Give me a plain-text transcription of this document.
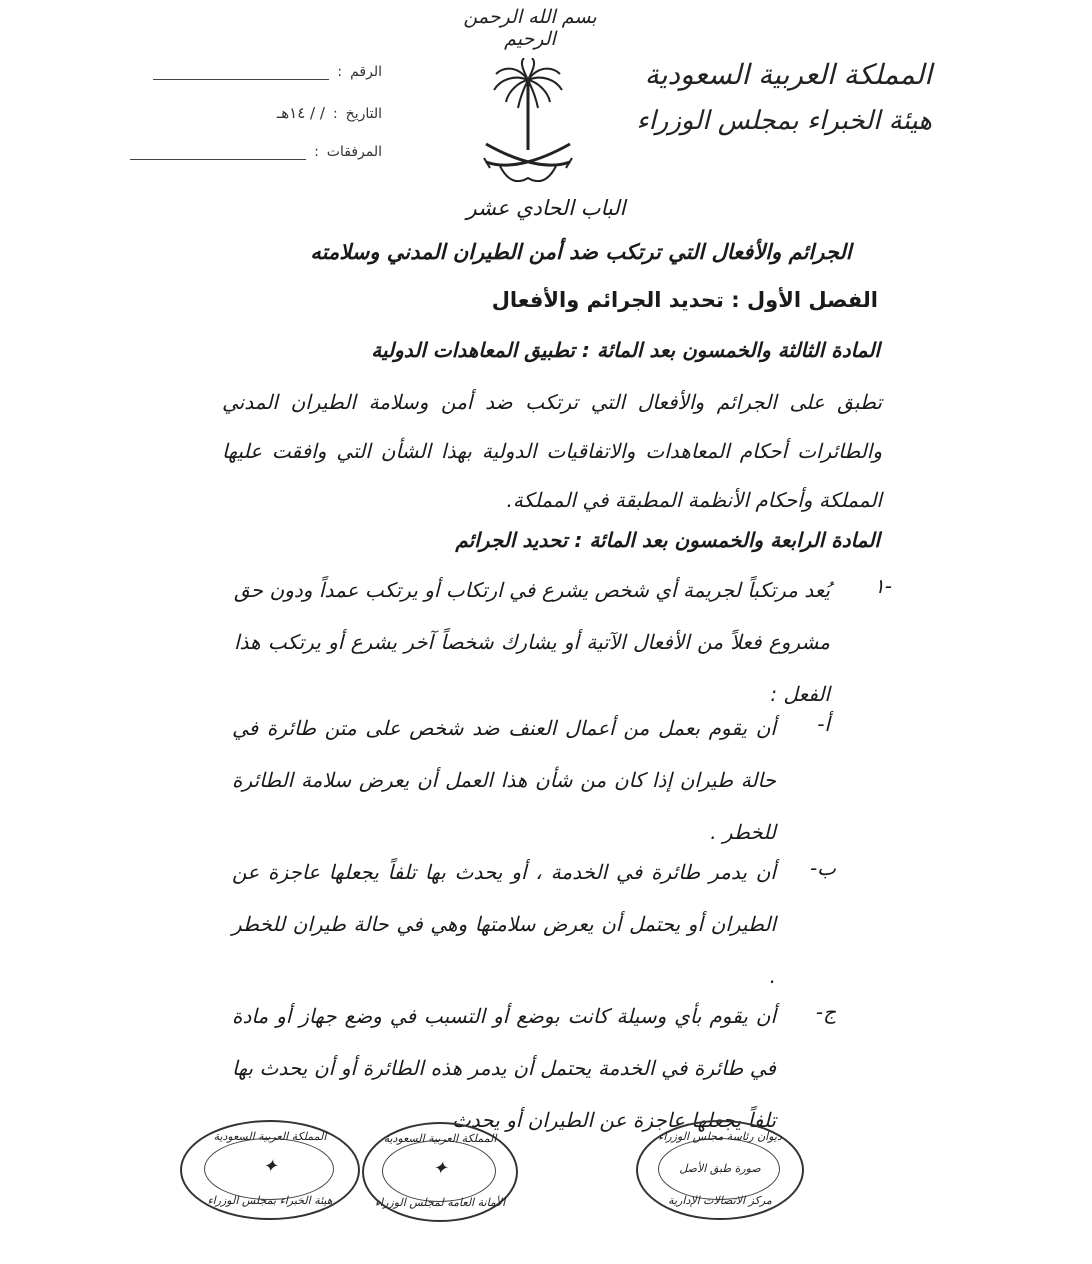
بسم الله الرحمن الرحيم
المملكة العربية السعودية
هيئة الخبراء بمجلس الوزراء
الرقم
:
التاريخ
:
/ / ١٤هـ
المرفقات
:
الباب الحادي عشر
الجرائم والأفعال التي ترتكب ضد أمن الطيران المدني وسلامته
الفصل الأول : تحديد الجرائم والأفعال
المادة الثالثة والخمسون بعد المائة : تطبيق المعاهدات الدولية
تطبق على الجرائم والأفعال التي ترتكب ضد أمن وسلامة الطيران المدني والطائرات أحكام المعاهدات والاتفاقيات الدولية بهذا الشأن التي وافقت عليها المملكة وأحكام الأنظمة المطبقة في المملكة.
المادة الرابعة والخمسون بعد المائة : تحديد الجرائم
١-
يُعد مرتكباً لجريمة أي شخص يشرع في ارتكاب أو يرتكب عمداً ودون حق مشروع فعلاً من الأفعال الآتية أو يشارك شخصاً آخر يشرع أو يرتكب هذا الفعل :
أ-
أن يقوم بعمل من أعمال العنف ضد شخص على متن طائرة في حالة طيران إذا كان من شأن هذا العمل أن يعرض سلامة الطائرة للخطر .
ب-
أن يدمر طائرة في الخدمة ، أو يحدث بها تلفاً يجعلها عاجزة عن الطيران أو يحتمل أن يعرض سلامتها وهي في حالة طيران للخطر .
ج-
أن يقوم بأي وسيلة كانت بوضع أو التسبب في وضع جهاز أو مادة في طائرة في الخدمة يحتمل أن يدمر هذه الطائرة أو أن يحدث بها تلفاً يجعلها عاجزة عن الطيران أو يحدث
المملكة العربية السعودية
✦
هيئة الخبراء بمجلس الوزراء
المملكة العربية السعودية
✦
الأمانة العامة لمجلس الوزراء
ديوان رئاسة مجلس الوزراء
صورة طبق الأصل
مركز الاتصالات الإدارية
